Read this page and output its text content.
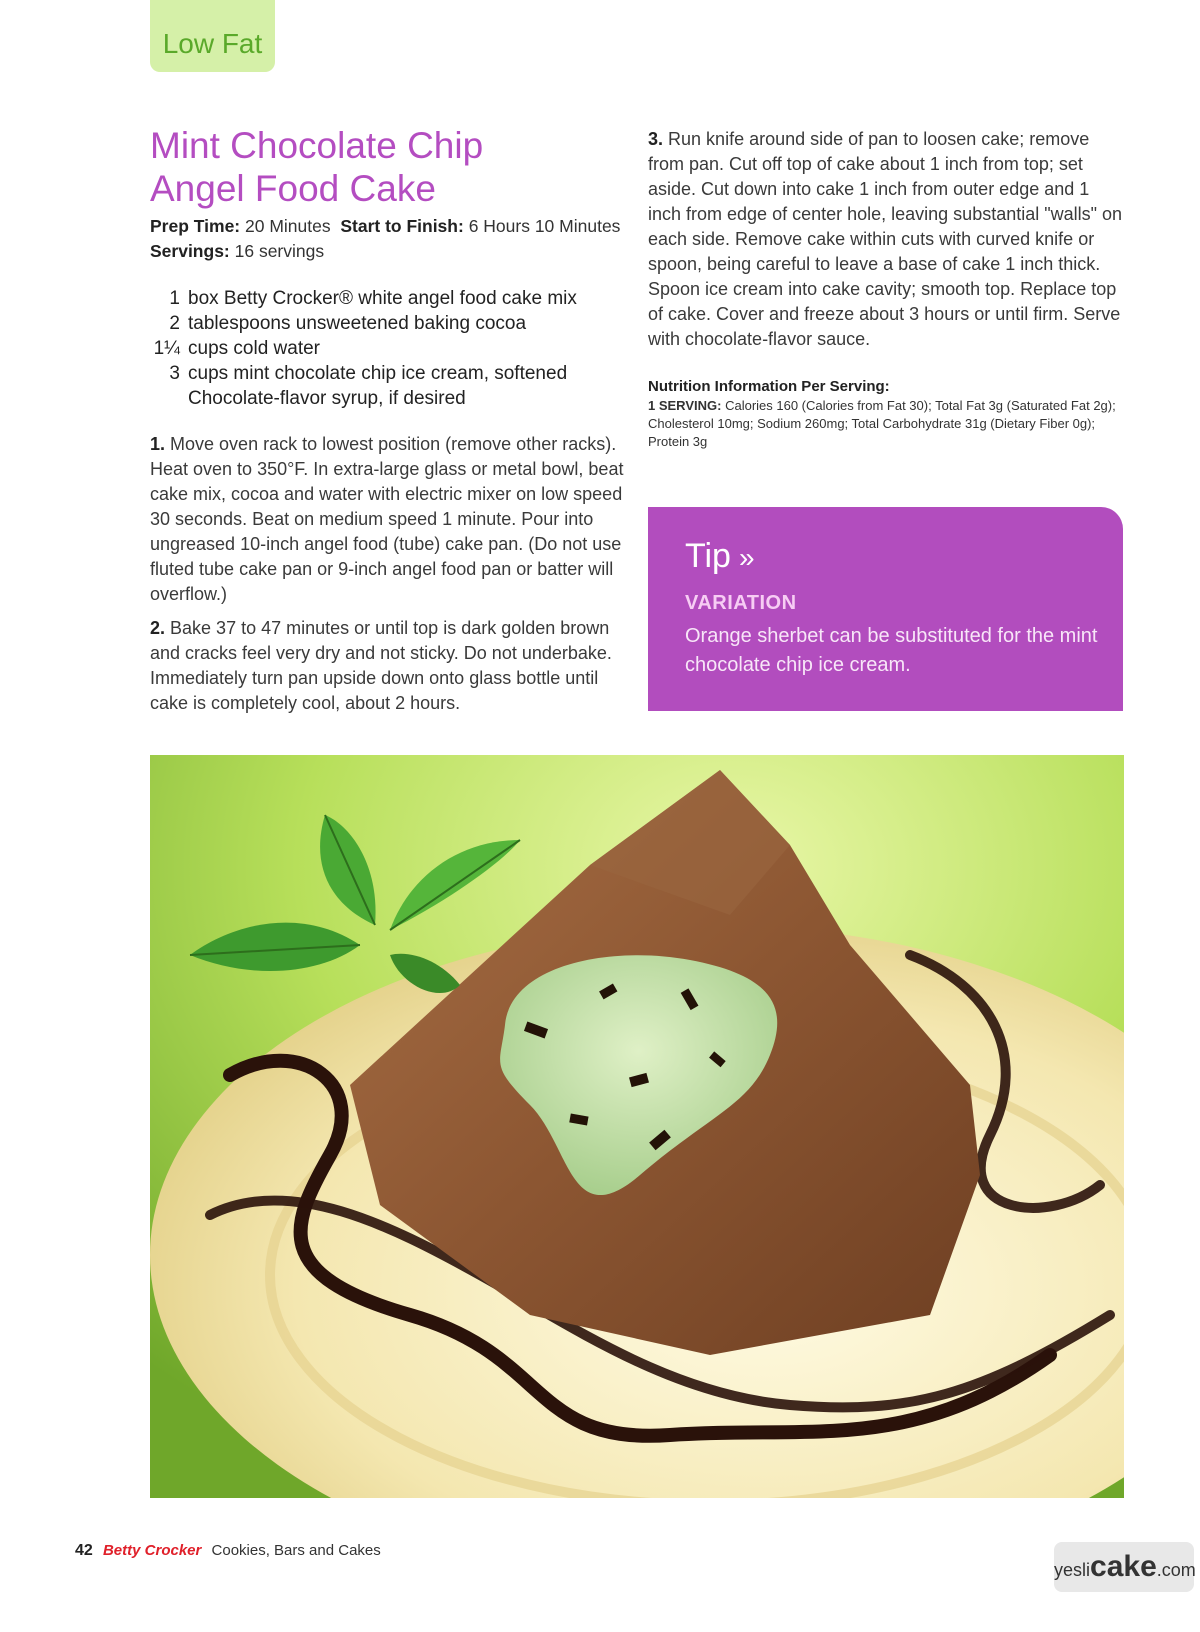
Low Fat
Mint Chocolate Chip
Angel Food Cake
Prep Time: 20 Minutes Start to Finish: 6 Hours 10 Minutes
Servings: 16 servings
1 box Betty Crocker® white angel food cake mix
2 tablespoons unsweetened baking cocoa
1¼ cups cold water
3 cups mint chocolate chip ice cream, softened
Chocolate-flavor syrup, if desired

1. Move oven rack to lowest position (remove other racks). Heat oven to 350°F. In extra-large glass or metal bowl, beat cake mix, cocoa and water with electric mixer on low speed 30 seconds. Beat on medium speed 1 minute. Pour into ungreased 10-inch angel food (tube) cake pan. (Do not use fluted tube cake pan or 9-inch angel food pan or batter will overflow.)

2. Bake 37 to 47 minutes or until top is dark golden brown and cracks feel very dry and not sticky. Do not underbake. Immediately turn pan upside down onto glass bottle until cake is completely cool, about 2 hours.

3. Run knife around side of pan to loosen cake; remove from pan. Cut off top of cake about 1 inch from top; set aside. Cut down into cake 1 inch from outer edge and 1 inch from edge of center hole, leaving substantial "walls" on each side. Remove cake within cuts with curved knife or spoon, being careful to leave a base of cake 1 inch thick. Spoon ice cream into cake cavity; smooth top. Replace top of cake. Cover and freeze about 3 hours or until firm. Serve with chocolate-flavor sauce.

Nutrition Information Per Serving:
1 SERVING: Calories 160 (Calories from Fat 30); Total Fat 3g (Saturated Fat 2g); Cholesterol 10mg; Sodium 260mg; Total Carbohydrate 31g (Dietary Fiber 0g); Protein 3g
Tip »
VARIATION
Orange sherbet can be substituted for the mint chocolate chip ice cream.
42 Betty Crocker Cookies, Bars and Cakes
yeslicake.com
